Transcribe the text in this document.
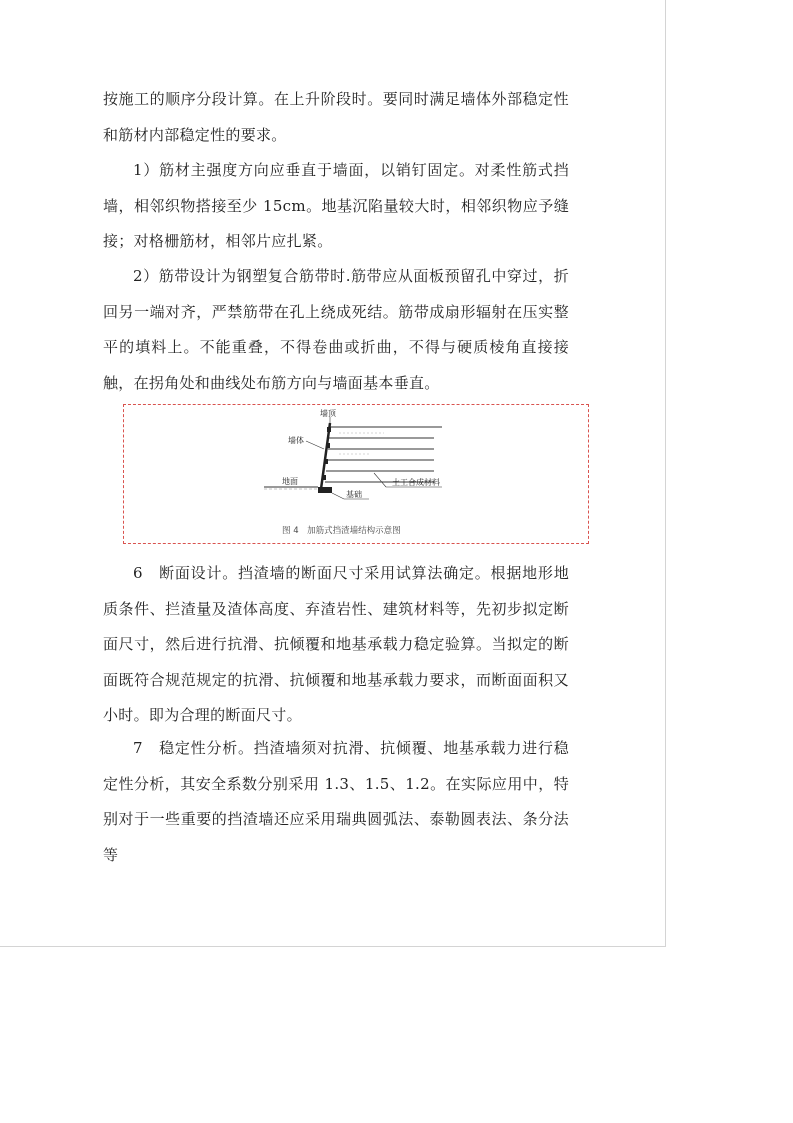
按施工的顺序分段计算。在上升阶段时。要同时满足墙体外部稳定性和筋材内部稳定性的要求。

1）筋材主强度方向应垂直于墙面，以销钉固定。对柔性筋式挡墙，相邻织物搭接至少 15cm。地基沉陷量较大时，相邻织物应予缝接；对格栅筋材，相邻片应扎紧。

2）筋带设计为钢塑复合筋带时.筋带应从面板预留孔中穿过，折回另一端对齐，严禁筋带在孔上绕成死结。筋带成扇形辐射在压实整平的填料上。不能重叠，不得卷曲或折曲，不得与硬质棱角直接接触，在拐角处和曲线处布筋方向与墙面基本垂直。

墙顶
墙体
地面	土工合成材料
基础
图 4　加筋式挡渣墙结构示意图

6　断面设计。挡渣墙的断面尺寸采用试算法确定。根据地形地质条件、拦渣量及渣体高度、弃渣岩性、建筑材料等，先初步拟定断面尺寸，然后进行抗滑、抗倾覆和地基承载力稳定验算。当拟定的断面既符合规范规定的抗滑、抗倾覆和地基承载力要求，而断面面积又小时。即为合理的断面尺寸。

7　稳定性分析。挡渣墙须对抗滑、抗倾覆、地基承载力进行稳定性分析，其安全系数分别采用 1.3、1.5、1.2。在实际应用中，特别对于一些重要的挡渣墙还应采用瑞典圆弧法、泰勒圆表法、条分法等
